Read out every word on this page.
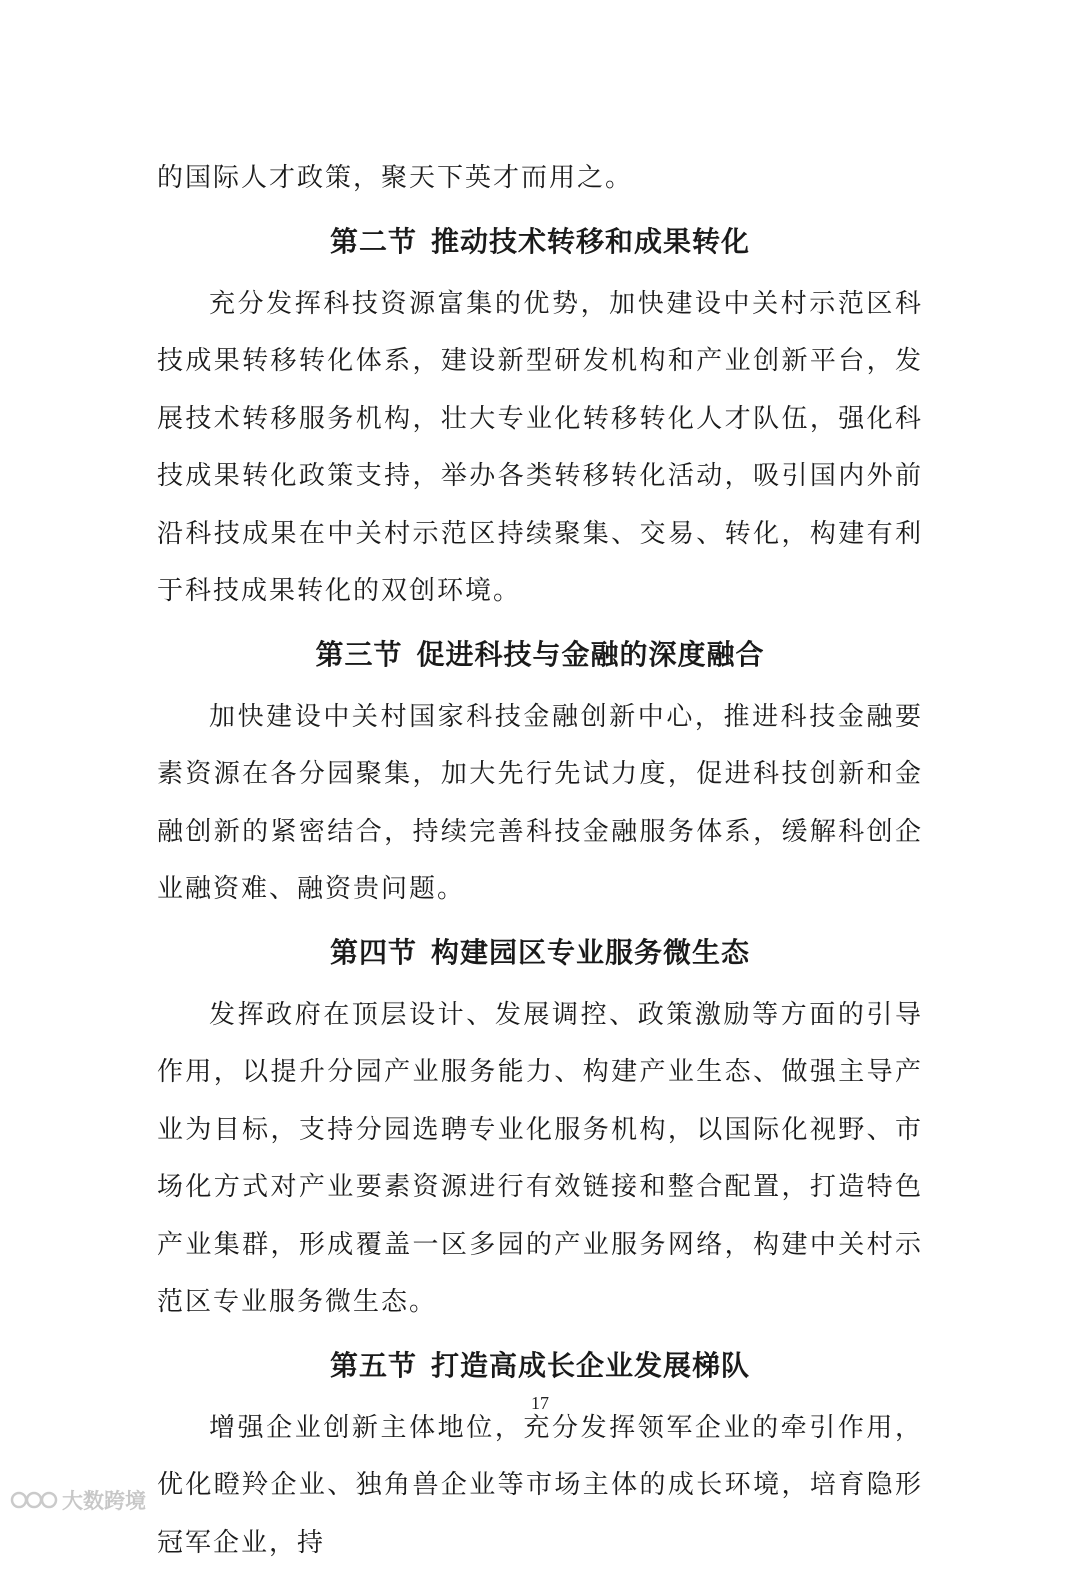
的国际人才政策，聚天下英才而用之。

第二节 推动技术转移和成果转化

充分发挥科技资源富集的优势，加快建设中关村示范区科技成果转移转化体系，建设新型研发机构和产业创新平台，发展技术转移服务机构，壮大专业化转移转化人才队伍，强化科技成果转化政策支持，举办各类转移转化活动，吸引国内外前沿科技成果在中关村示范区持续聚集、交易、转化，构建有利于科技成果转化的双创环境。

第三节 促进科技与金融的深度融合

加快建设中关村国家科技金融创新中心，推进科技金融要素资源在各分园聚集，加大先行先试力度，促进科技创新和金融创新的紧密结合，持续完善科技金融服务体系，缓解科创企业融资难、融资贵问题。

第四节 构建园区专业服务微生态

发挥政府在顶层设计、发展调控、政策激励等方面的引导作用，以提升分园产业服务能力、构建产业生态、做强主导产业为目标，支持分园选聘专业化服务机构，以国际化视野、市场化方式对产业要素资源进行有效链接和整合配置，打造特色产业集群，形成覆盖一区多园的产业服务网络，构建中关村示范区专业服务微生态。

第五节 打造高成长企业发展梯队

增强企业创新主体地位，充分发挥领军企业的牵引作用，优化瞪羚企业、独角兽企业等市场主体的成长环境，培育隐形冠军企业，持

17
大数跨境
